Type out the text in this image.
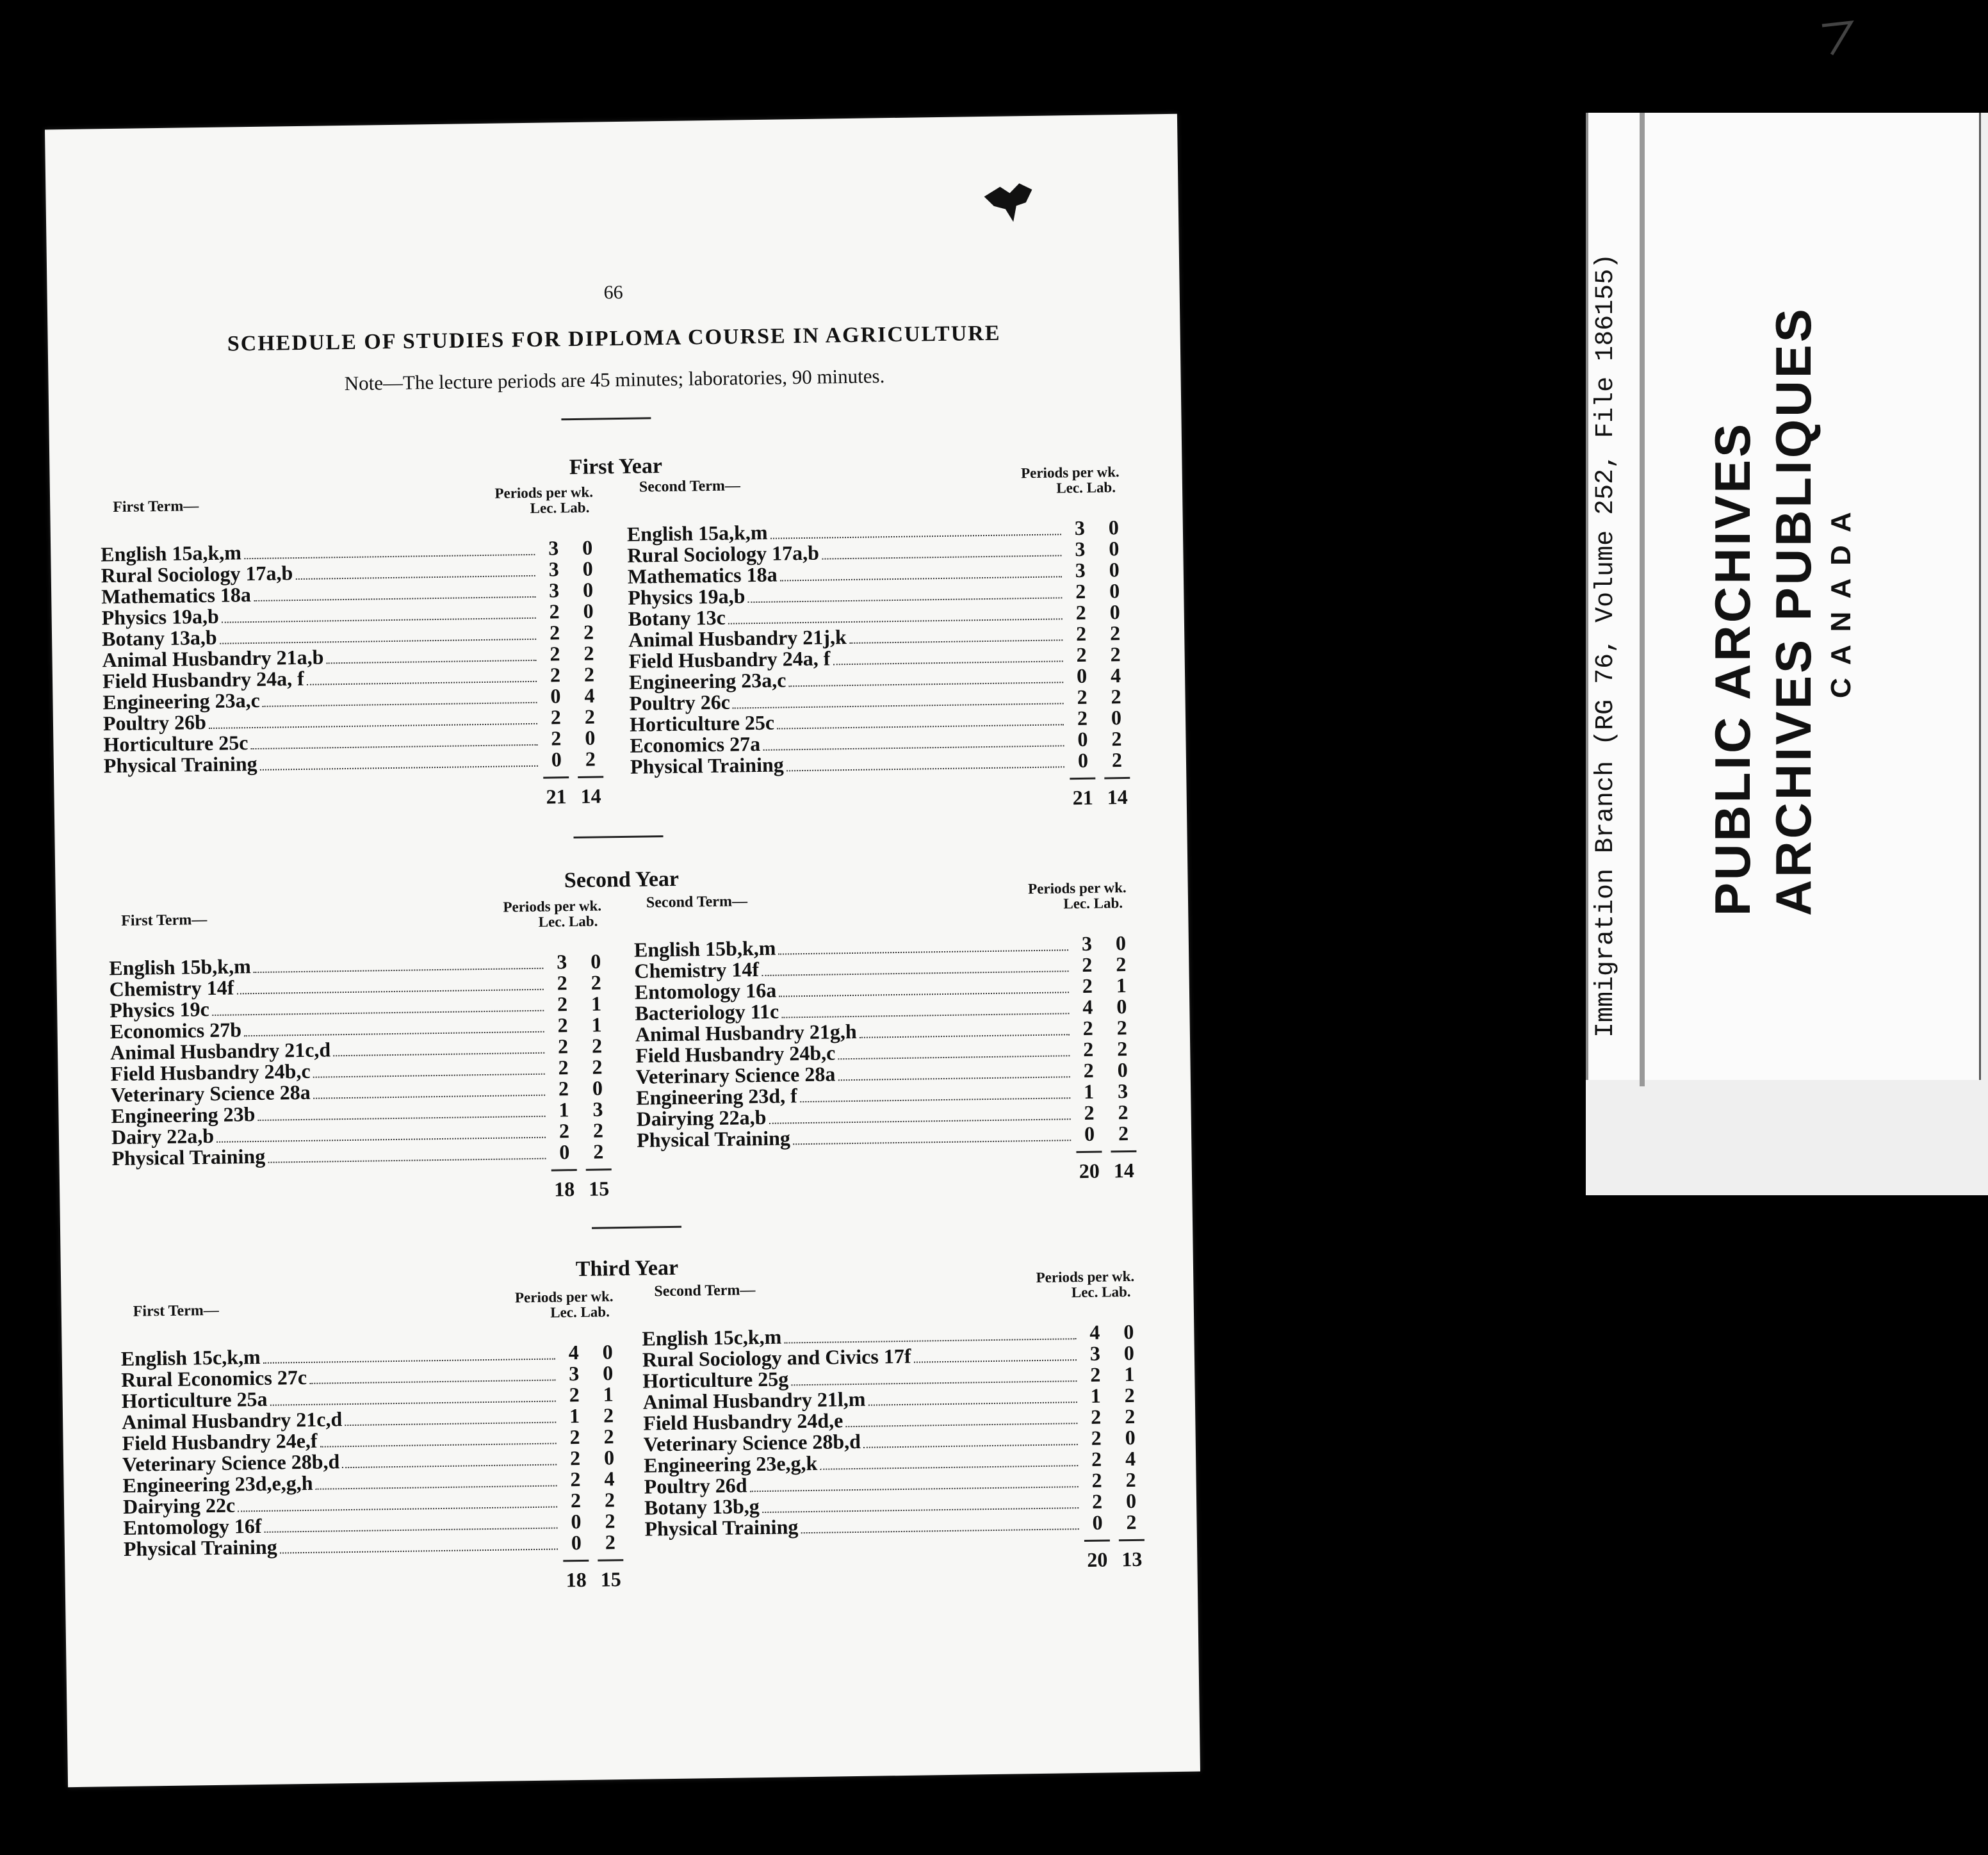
66
SCHEDULE OF STUDIES FOR DIPLOMA COURSE IN AGRICULTURE
Note—The lecture periods are 45 minutes; laboratories, 90 minutes.
First Year
First Term—
Periods per wk.
Lec. Lab.
English 15a,k,m	3	0
Rural Sociology 17a,b	3	0
Mathematics 18a	3	0
Physics 19a,b	2	0
Botany 13a,b	2	2
Animal Husbandry 21a,b	2	2
Field Husbandry 24a, f	2	2
Engineering 23a,c	0	4
Poultry 26b	2	2
Horticulture 25c	2	0
Physical Training	0	2
21 14
Second Term—
Periods per wk.
Lec. Lab.
English 15a,k,m	3	0
Rural Sociology 17a,b	3	0
Mathematics 18a	3	0
Physics 19a,b	2	0
Botany 13c	2	0
Animal Husbandry 21j,k	2	2
Field Husbandry 24a, f	2	2
Engineering 23a,c	0	4
Poultry 26c	2	2
Horticulture 25c	2	0
Economics 27a	0	2
Physical Training	0	2
21 14
Second Year
First Term—
Periods per wk.
Lec. Lab.
English 15b,k,m	3	0
Chemistry 14f	2	2
Physics 19c	2	1
Economics 27b	2	1
Animal Husbandry 21c,d	2	2
Field Husbandry 24b,c	2	2
Veterinary Science 28a	2	0
Engineering 23b	1	3
Dairy 22a,b	2	2
Physical Training	0	2
18 15
Second Term—
Periods per wk.
Lec. Lab.
English 15b,k,m	3	0
Chemistry 14f	2	2
Entomology 16a	2	1
Bacteriology 11c	4	0
Animal Husbandry 21g,h	2	2
Field Husbandry 24b,c	2	2
Veterinary Science 28a	2	0
Engineering 23d, f	1	3
Dairying 22a,b	2	2
Physical Training	0	2
20 14
Third Year
First Term—
Periods per wk.
Lec. Lab.
English 15c,k,m	4	0
Rural Economics 27c	3	0
Horticulture 25a	2	1
Animal Husbandry 21c,d	1	2
Field Husbandry 24e,f	2	2
Veterinary Science 28b,d	2	0
Engineering 23d,e,g,h	2	4
Dairying 22c	2	2
Entomology 16f	0	2
Physical Training	0	2
18 15
Second Term—
Periods per wk.
Lec. Lab.
English 15c,k,m	4	0
Rural Sociology and Civics 17f	3	0
Horticulture 25g	2	1
Animal Husbandry 21l,m	1	2
Field Husbandry 24d,e	2	2
Veterinary Science 28b,d	2	0
Engineering 23e,g,k	2	4
Poultry 26d	2	2
Botany 13b,g	2	0
Physical Training	0	2
20 13
Immigration Branch (RG 76, Volume 252, File 186155) PUBLIC ARCHIVES ARCHIVES PUBLIQUES CANADA
